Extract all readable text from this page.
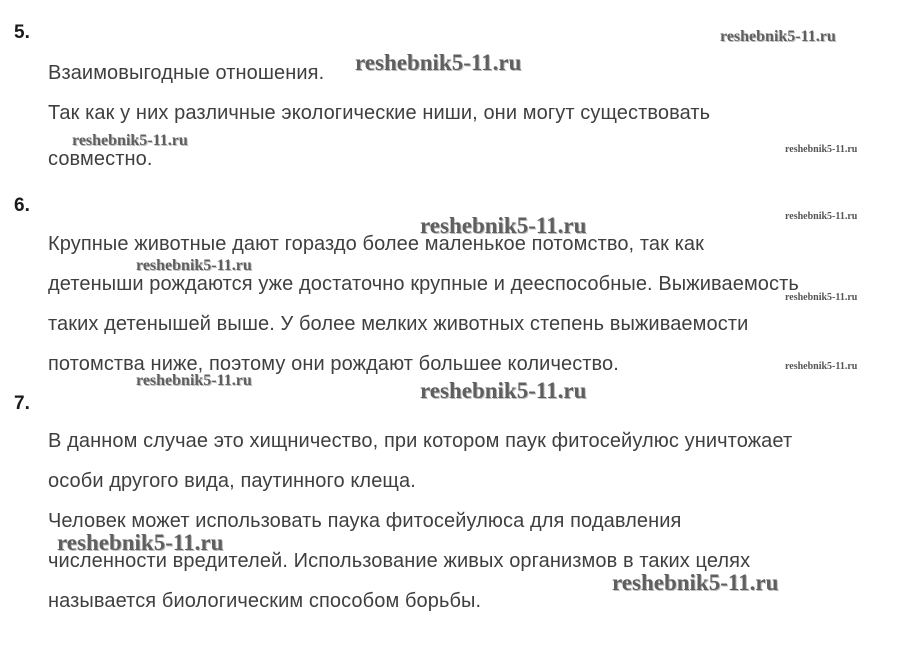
5.
Взаимовыгодные отношения.
Так как у них различные экологические ниши, они могут существовать
совместно.
6.
Крупные животные дают гораздо более маленькое потомство, так как
детеныши рождаются уже достаточно крупные и дееспособные. Выживаемость
таких детенышей выше. У более мелких животных степень выживаемости
потомства ниже, поэтому они рождают большее количество.
7.
В данном случае это хищничество, при котором паук фитосейулюс уничтожает
особи другого вида, паутинного клеща.
Человек может использовать паука фитосейулюса для подавления
численности вредителей. Использование живых организмов в таких целях
называется биологическим способом борьбы.
reshebnik5-11.ru
reshebnik5-11.ru
reshebnik5-11.ru
reshebnik5-11.ru
reshebnik5-11.ru
reshebnik5-11.ru
reshebnik5-11.ru
reshebnik5-11.ru
reshebnik5-11.ru
reshebnik5-11.ru	reshebnik5-11.ru
reshebnik5-11.ru
reshebnik5-11.ru
